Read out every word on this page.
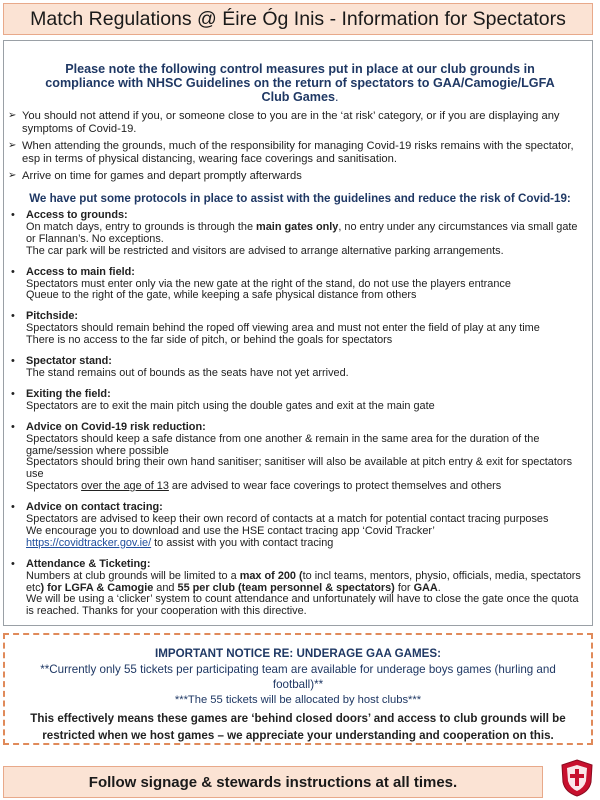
Match Regulations @ Éire Óg Inis - Information for Spectators
Please note the following control measures put in place at our club grounds in compliance with NHSC Guidelines on the return of spectators to GAA/Camogie/LGFA Club Games.
➢ You should not attend if you, or someone close to you are in the ‘at risk’ category, or if you are displaying any symptoms of Covid-19.
➢ When attending the grounds, much of the responsibility for managing Covid-19 risks remains with the spectator, esp in terms of physical distancing, wearing face coverings and sanitisation.
➢ Arrive on time for games and depart promptly afterwards
We have put some protocols in place to assist with the guidelines and reduce the risk of Covid-19:
• Access to grounds:
On match days, entry to grounds is through the main gates only, no entry under any circumstances via small gate or Flannan’s. No exceptions.
The car park will be restricted and visitors are advised to arrange alternative parking arrangements.
• Access to main field:
Spectators must enter only via the new gate at the right of the stand, do not use the players entrance
Queue to the right of the gate, while keeping a safe physical distance from others
• Pitchside:
Spectators should remain behind the roped off viewing area and must not enter the field of play at any time
There is no access to the far side of pitch, or behind the goals for spectators
• Spectator stand:
The stand remains out of bounds as the seats have not yet arrived.
• Exiting the field:
Spectators are to exit the main pitch using the double gates and exit at the main gate
• Advice on Covid-19 risk reduction:
Spectators should keep a safe distance from one another & remain in the same area for the duration of the game/session where possible
Spectators should bring their own hand sanitiser; sanitiser will also be available at pitch entry & exit for spectators use
Spectators over the age of 13 are advised to wear face coverings to protect themselves and others
• Advice on contact tracing:
Spectators are advised to keep their own record of contacts at a match for potential contact tracing purposes
We encourage you to download and use the HSE contact tracing app ‘Covid Tracker’
https://covidtracker.gov.ie/ to assist with you with contact tracing
• Attendance & Ticketing:
Numbers at club grounds will be limited to a max of 200 (to incl teams, mentors, physio, officials, media, spectators etc) for LGFA & Camogie and 55 per club (team personnel & spectators) for GAA.
We will be using a ‘clicker’ system to count attendance and unfortunately will have to close the gate once the quota is reached. Thanks for your cooperation with this directive.
IMPORTANT NOTICE RE: UNDERAGE GAA GAMES:
**Currently only 55 tickets per participating team are available for underage boys games (hurling and football)**
***The 55 tickets will be allocated by host clubs***
This effectively means these games are ‘behind closed doors’ and access to club grounds will be restricted when we host games – we appreciate your understanding and cooperation on this.
Follow signage & stewards instructions at all times.
